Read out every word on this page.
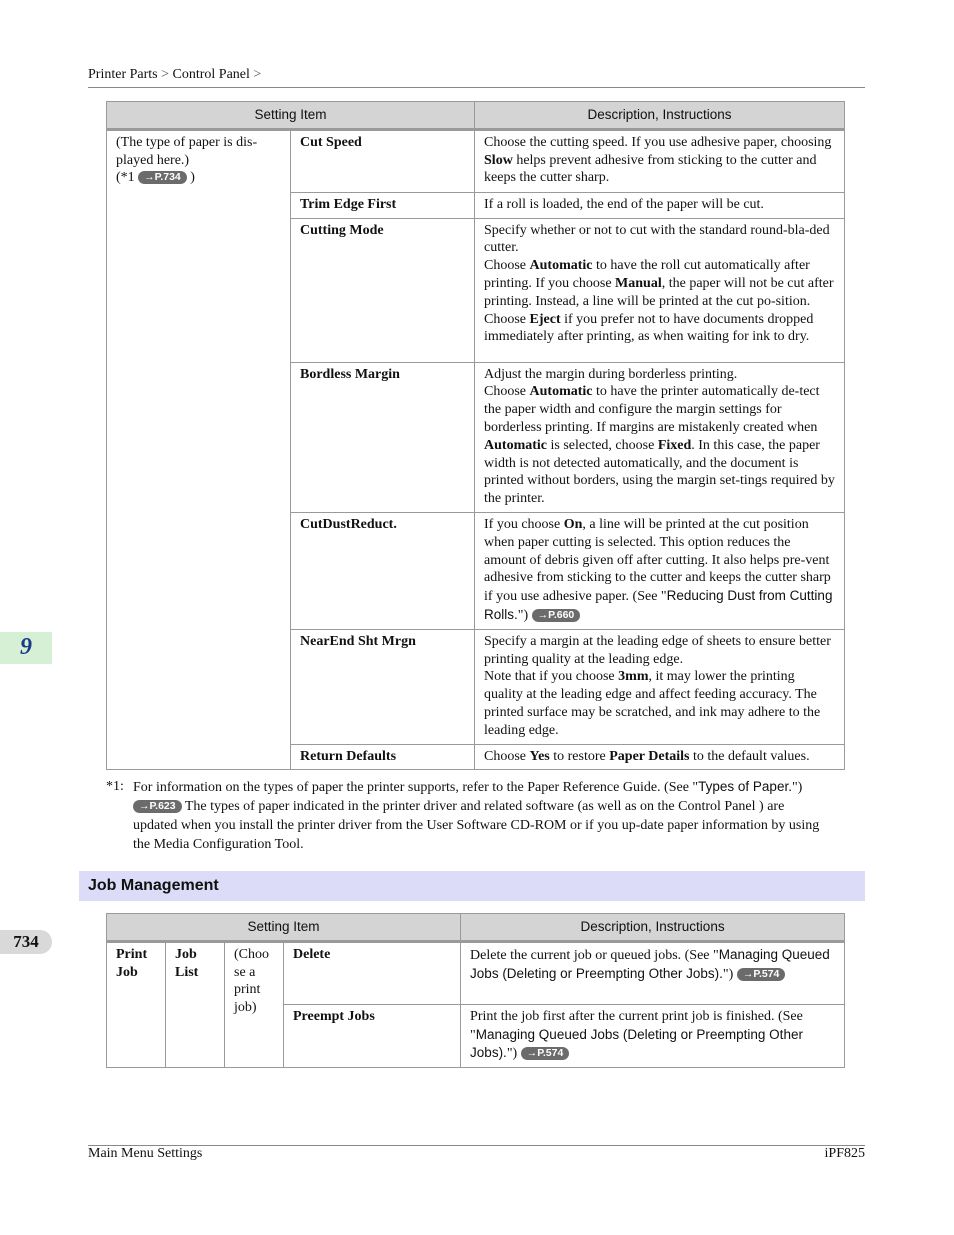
Printer Parts > Control Panel >
Setting Item		Description, Instructions
(The type of paper is dis-
played here.)
(*1 →P.734 )	Cut Speed	Choose the cutting speed. If you use adhesive paper, choosing Slow helps prevent adhesive from sticking to the cutter and keeps the cutter sharp.
	Trim Edge First	If a roll is loaded, the end of the paper will be cut.
	Cutting Mode	Specify whether or not to cut with the standard round-bla-ded cutter.
Choose Automatic to have the roll cut automatically after printing. If you choose Manual, the paper will not be cut after printing. Instead, a line will be printed at the cut po-sition.
Choose Eject if you prefer not to have documents dropped immediately after printing, as when waiting for ink to dry.
	Bordless Margin	Adjust the margin during borderless printing.
Choose Automatic to have the printer automatically de-tect the paper width and configure the margin settings for borderless printing. If margins are mistakenly created when Automatic is selected, choose Fixed. In this case, the paper width is not detected automatically, and the document is printed without borders, using the margin set-tings required by the printer.
	CutDustReduct.	If you choose On, a line will be printed at the cut position when paper cutting is selected. This option reduces the amount of debris given off after cutting. It also helps pre-vent adhesive from sticking to the cutter and keeps the cutter sharp if you use adhesive paper. (See "Reducing Dust from Cutting Rolls.") →P.660
	NearEnd Sht Mrgn	Specify a margin at the leading edge of sheets to ensure better printing quality at the leading edge.
Note that if you choose 3mm, it may lower the printing quality at the leading edge and affect feeding accuracy. The printed surface may be scratched, and ink may adhere to the leading edge.
	Return Defaults	Choose Yes to restore Paper Details to the default values.
*1: For information on the types of paper the printer supports, refer to the Paper Reference Guide. (See "Types of Paper.") →P.623 The types of paper indicated in the printer driver and related software (as well as on the Control Panel ) are updated when you install the printer driver from the User Software CD-ROM or if you up-date paper information by using the Media Configuration Tool.
Job Management
Setting Item				Description, Instructions
Print Job	Job List	(Choo se a print job)	Delete	Delete the current job or queued jobs. (See "Managing Queued Jobs (Deleting or Preempting Other Jobs).") →P.574
			Preempt Jobs	Print the job first after the current print job is finished. (See "Managing Queued Jobs (Deleting or Preempting Other Jobs).") →P.574
9
734
Main Menu Settings	iPF825
